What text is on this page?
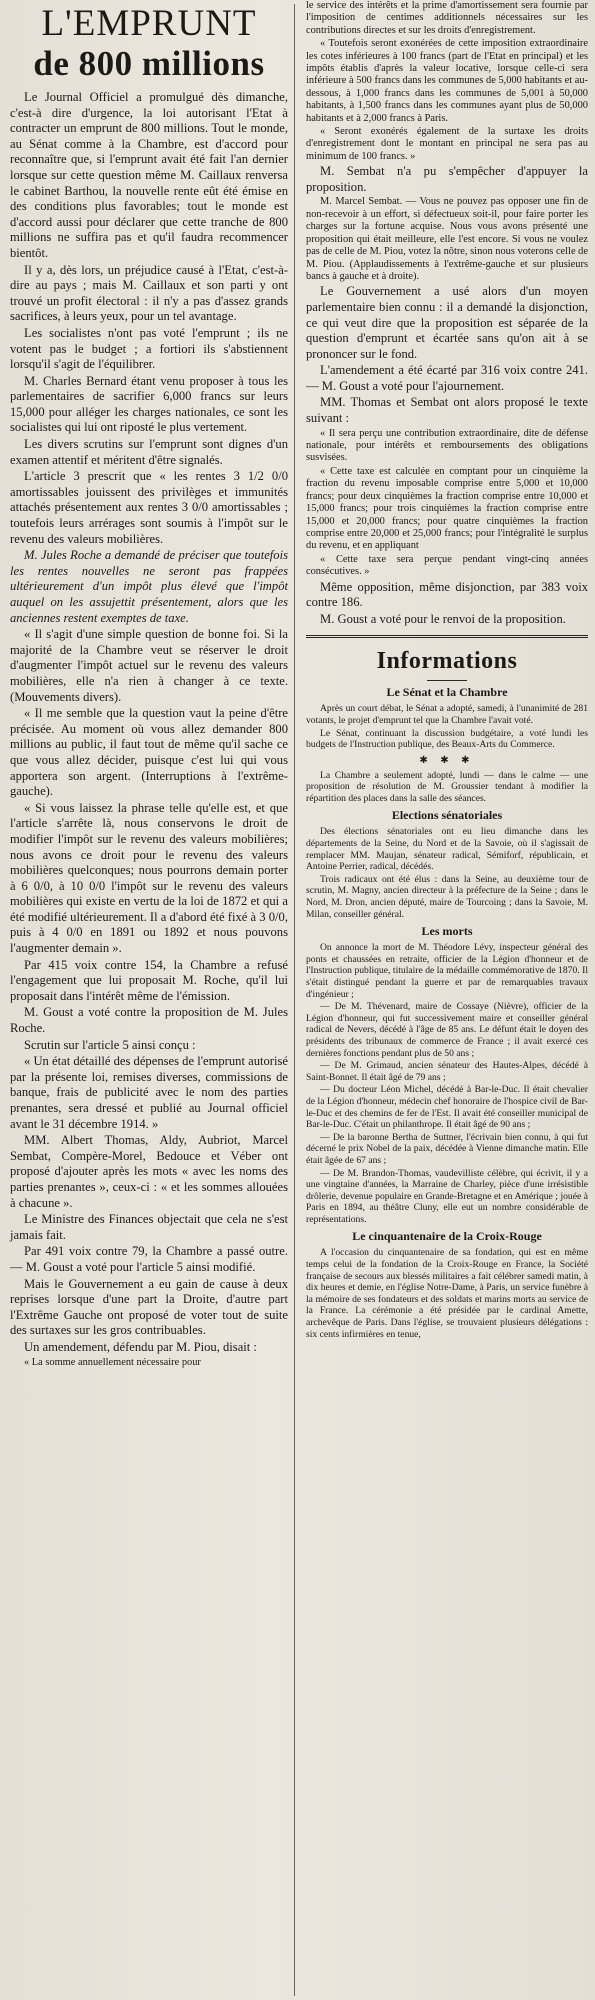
L'EMPRUNT
de 800 millions

Le Journal Officiel a promulgué dès dimanche, c'est-à dire d'urgence, la loi autorisant l'Etat à contracter un emprunt de 800 millions. Tout le monde, au Sénat comme à la Chambre, est d'accord pour reconnaître que, si l'emprunt avait été fait l'an dernier lorsque sur cette question même M. Caillaux renversa le cabinet Barthou, la nouvelle rente eût été émise en des conditions plus favorables; tout le monde est d'accord aussi pour déclarer que cette tranche de 800 millions ne suffira pas et qu'il faudra recommencer bientôt.

Il y a, dès lors, un préjudice causé à l'Etat, c'est-à-dire au pays ; mais M. Caillaux et son parti y ont trouvé un profit électoral : il n'y a pas d'assez grands sacrifices, à leurs yeux, pour un tel avantage.

Les socialistes n'ont pas voté l'emprunt ; ils ne votent pas le budget ; a fortiori ils s'abstiennent lorsqu'il s'agit de l'équilibrer.

M. Charles Bernard étant venu proposer à tous les parlementaires de sacrifier 6,000 francs sur leurs 15,000 pour alléger les charges nationales, ce sont les socialistes qui lui ont riposté le plus vertement.

Les divers scrutins sur l'emprunt sont dignes d'un examen attentif et méritent d'être signalés.

L'article 3 prescrit que « les rentes 3 1/2 0/0 amortissables jouissent des privilèges et immunités attachés présentement aux rentes 3 0/0 amortissables ; toutefois leurs arrérages sont soumis à l'impôt sur le revenu des valeurs mobilières.

M. Jules Roche a demandé de préciser que toutefois les rentes nouvelles ne seront pas frappées ultérieurement d'un impôt plus élevé que l'impôt auquel on les assujettit présentement, alors que les anciennes restent exemptes de taxe.

« Il s'agit d'une simple question de bonne foi. Si la majorité de la Chambre veut se réserver le droit d'augmenter l'impôt actuel sur le revenu des valeurs mobilières, elle n'a rien à changer à ce texte. (Mouvements divers).

« Il me semble que la question vaut la peine d'être précisée. Au moment où vous allez demander 800 millions au public, il faut tout de même qu'il sache ce que vous allez décider, puisque c'est lui qui vous apportera son argent. (Interruptions à l'extrême-gauche).

« Si vous laissez la phrase telle qu'elle est, et que l'article s'arrête là, nous conservons le droit de modifier l'impôt sur le revenu des valeurs mobilières; nous avons ce droit pour le revenu des valeurs mobilières quelconques; nous pourrons demain porter à 6 0/0, à 10 0/0 l'impôt sur le revenu des valeurs mobilières qui existe en vertu de la loi de 1872 et qui a été modifié ultérieurement. Il a d'abord été fixé à 3 0/0, puis à 4 0/0 en 1891 ou 1892 et nous pouvons l'augmenter demain ».

Par 415 voix contre 154, la Chambre a refusé l'engagement que lui proposait M. Roche, qu'il lui proposait dans l'intérêt même de l'émission.

M. Goust a voté contre la proposition de M. Jules Roche.

Scrutin sur l'article 5 ainsi conçu :

« Un état détaillé des dépenses de l'emprunt autorisé par la présente loi, remises diverses, commissions de banque, frais de publicité avec le nom des parties prenantes, sera dressé et publié au Journal officiel avant le 31 décembre 1914. »

MM. Albert Thomas, Aldy, Aubriot, Marcel Sembat, Compère-Morel, Bedouce et Véber ont proposé d'ajouter après les mots « avec les noms des parties prenantes », ceux-ci : « et les sommes allouées à chacune ».

Le Ministre des Finances objectait que cela ne s'est jamais fait.

Par 491 voix contre 79, la Chambre a passé outre. — M. Goust a voté pour l'article 5 ainsi modifié.

Mais le Gouvernement a eu gain de cause à deux reprises lorsque d'une part la Droite, d'autre part l'Extrême Gauche ont proposé de voter tout de suite des surtaxes sur les gros contribuables.

Un amendement, défendu par M. Piou, disait :

« La somme annuellement nécessaire pour

le service des intérêts et la prime d'amortissement sera fournie par l'imposition de centimes additionnels nécessaires sur les contributions directes et sur les droits d'enregistrement.

« Toutefois seront exonérées de cette imposition extraordinaire les cotes inférieures à 100 francs (part de l'Etat en principal) et les impôts établis d'après la valeur locative, lorsque celle-ci sera inférieure à 500 francs dans les communes de 5,000 habitants et au-dessous, à 1,000 francs dans les communes de 5,001 à 50,000 habitants, à 1,500 francs dans les communes ayant plus de 50,000 habitants et à 2,000 francs à Paris.

« Seront exonérés également de la surtaxe les droits d'enregistrement dont le montant en principal ne sera pas au minimum de 100 francs. »

M. Sembat n'a pu s'empêcher d'appuyer la proposition.

M. Marcel Sembat. — Vous ne pouvez pas opposer une fin de non-recevoir à un effort, si défectueux soit-il, pour faire porter les charges sur la fortune acquise. Nous vous avons présenté une proposition qui était meilleure, elle l'est encore. Si vous ne voulez pas de celle de M. Piou, votez la nôtre, sinon nous voterons celle de M. Piou. (Applaudissements à l'extrême-gauche et sur plusieurs bancs à gauche et à droite).

Le Gouvernement a usé alors d'un moyen parlementaire bien connu : il a demandé la disjonction, ce qui veut dire que la proposition est séparée de la question d'emprunt et écartée sans qu'on ait à se prononcer sur le fond.

L'amendement a été écarté par 316 voix contre 241. — M. Goust a voté pour l'ajournement.

MM. Thomas et Sembat ont alors proposé le texte suivant :

« Il sera perçu une contribution extraordinaire, dite de défense nationale, pour intérêts et remboursements des obligations susvisées.

« Cette taxe est calculée en comptant pour un cinquième la fraction du revenu imposable comprise entre 5,000 et 10,000 francs; pour deux cinquièmes la fraction comprise entre 10,000 et 15,000 francs; pour trois cinquièmes la fraction comprise entre 15,000 et 20,000 francs; pour quatre cinquièmes la fraction comprise entre 20,000 et 25,000 francs; pour l'intégralité le surplus du revenu, et en appliquant

« Cette taxe sera perçue pendant vingt-cinq années consécutives. »

Même opposition, même disjonction, par 383 voix contre 186.

M. Goust a voté pour le renvoi de la proposition.

Informations
Le Sénat et la Chambre

Après un court débat, le Sénat a adopté, samedi, à l'unanimité de 281 votants, le projet d'emprunt tel que la Chambre l'avait voté.

Le Sénat, continuant la discussion budgétaire, a voté lundi les budgets de l'Instruction publique, des Beaux-Arts du Commerce.

✱ ✱ ✱

La Chambre a seulement adopté, lundi — dans le calme — une proposition de résolution de M. Groussier tendant à modifier la répartition des places dans la salle des séances.

Elections sénatoriales

Des élections sénatoriales ont eu lieu dimanche dans les départements de la Seine, du Nord et de la Savoie, où il s'agissait de remplacer MM. Maujan, sénateur radical, Sémiforf, républicain, et Antoine Perrier, radical, décédés.

Trois radicaux ont été élus : dans la Seine, au deuxième tour de scrutin, M. Magny, ancien directeur à la préfecture de la Seine ; dans le Nord, M. Dron, ancien député, maire de Tourcoing ; dans la Savoie, M. Milan, conseiller général.

Les morts

On annonce la mort de M. Théodore Lévy, inspecteur général des ponts et chaussées en retraite, officier de la Légion d'honneur et de l'Instruction publique, titulaire de la médaille commémorative de 1870. Il s'était distingué pendant la guerre et par de remarquables travaux d'ingénieur ;

— De M. Thévenard, maire de Cossaye (Nièvre), officier de la Légion d'honneur, qui fut successivement maire et conseiller général radical de Nevers, décédé à l'âge de 85 ans. Le défunt était le doyen des présidents des tribunaux de commerce de France ; il avait exercé ces dernières fonctions pendant plus de 50 ans ;

— De M. Grimaud, ancien sénateur des Hautes-Alpes, décédé à Saint-Bonnet. Il était âgé de 79 ans ;

— Du docteur Léon Michel, décédé à Bar-le-Duc. Il était chevalier de la Légion d'honneur, médecin chef honoraire de l'hospice civil de Bar-le-Duc et des chemins de fer de l'Est. Il avait été conseiller municipal de Bar-le-Duc. C'était un philanthrope. Il était âgé de 90 ans ;

— De la baronne Bertha de Suttner, l'écrivain bien connu, à qui fut décerné le prix Nobel de la paix, décédée à Vienne dimanche matin. Elle était âgée de 67 ans ;

— De M. Brandon-Thomas, vaudevilliste célèbre, qui écrivit, il y a une vingtaine d'années, la Marraine de Charley, pièce d'une irrésistible drôlerie, devenue populaire en Grande-Bretagne et en Amérique ; jouée à Paris en 1894, au théâtre Cluny, elle eut un nombre considérable de représentations.

Le cinquantenaire de la Croix-Rouge

A l'occasion du cinquantenaire de sa fondation, qui est en même temps celui de la fondation de la Croix-Rouge en France, la Société française de secours aux blessés militaires a fait célébrer samedi matin, à dix heures et demie, en l'église Notre-Dame, à Paris, un service funèbre à la mémoire de ses fondateurs et des soldats et marins morts au service de la France. La cérémonie a été présidée par le cardinal Amette, archevêque de Paris. Dans l'église, se trouvaient plusieurs délégations : six cents infirmières en tenue,
